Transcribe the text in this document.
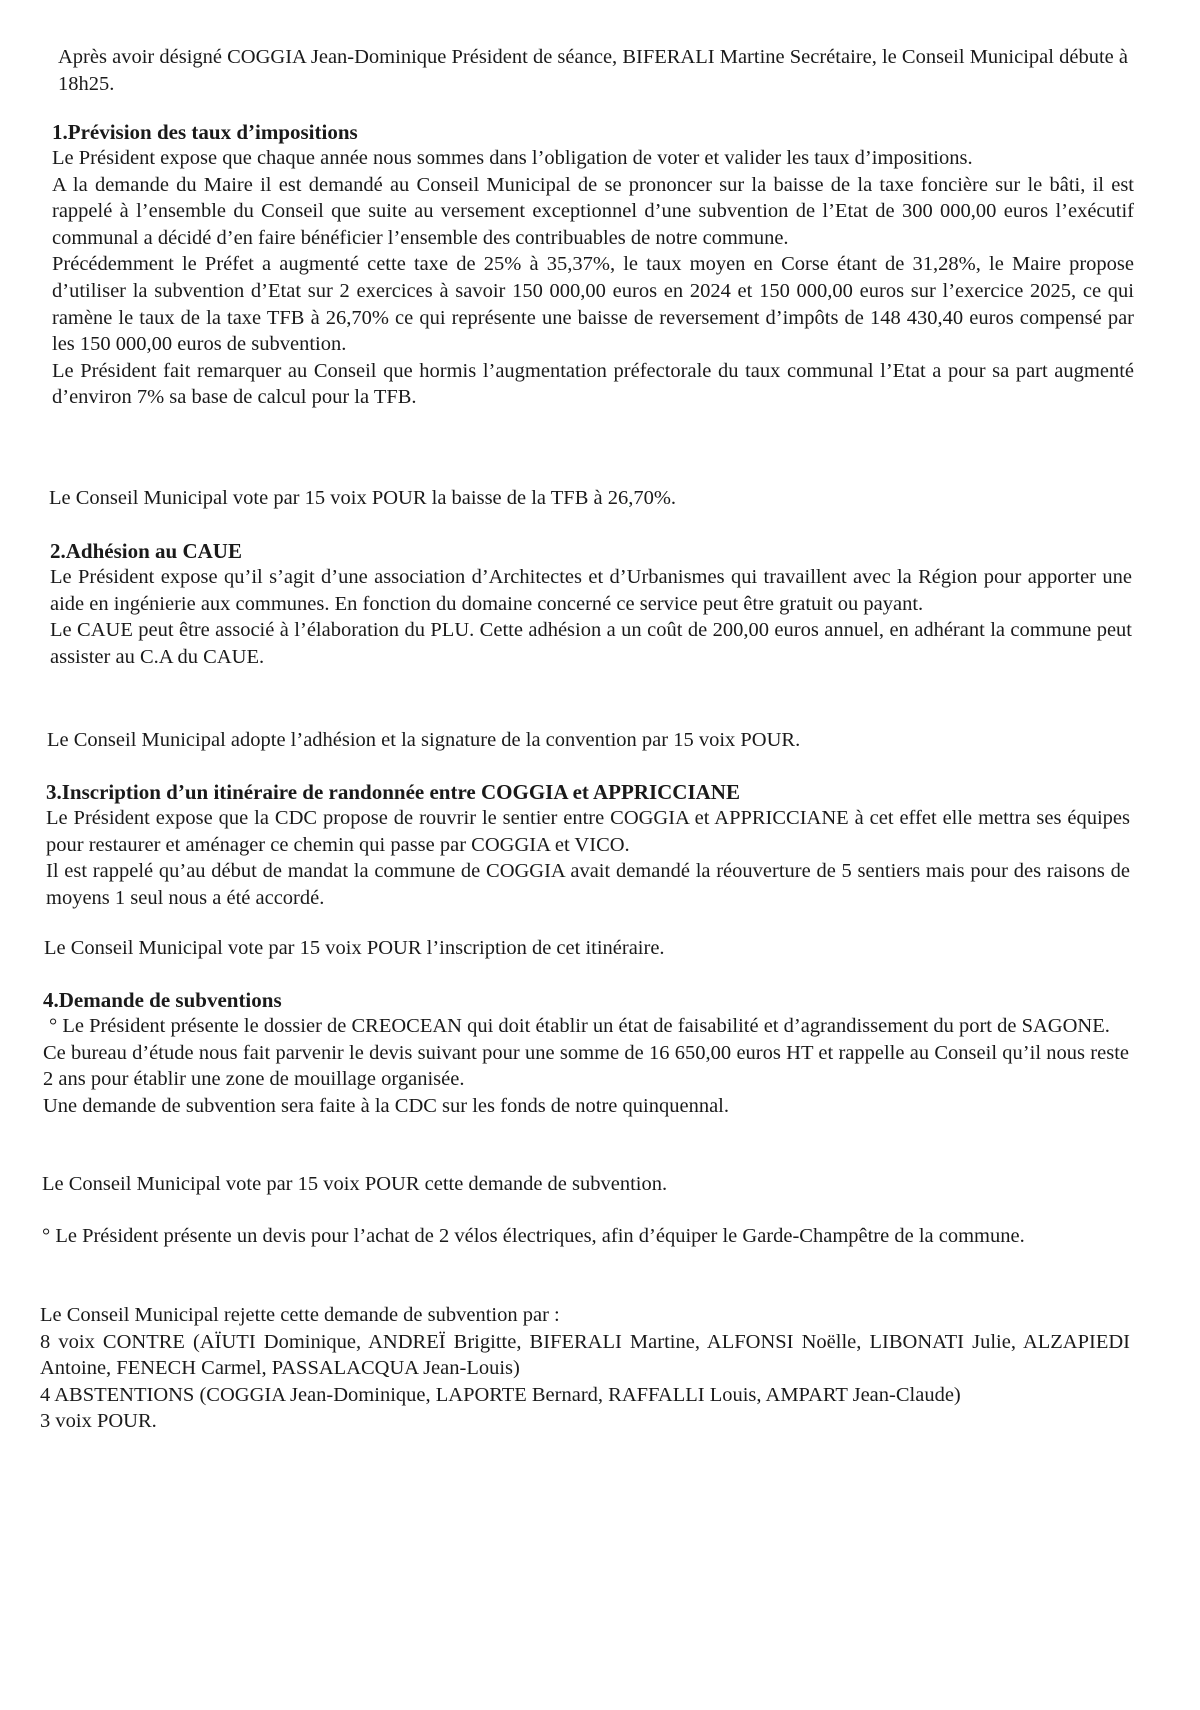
Après avoir désigné COGGIA Jean-Dominique Président de séance, BIFERALI Martine Secrétaire, le Conseil Municipal débute à 18h25.

1.Prévision des taux d’impositions

Le Président expose que chaque année nous sommes dans l’obligation de voter et valider les taux d’impositions.

A la demande du Maire il est demandé au Conseil Municipal de se prononcer sur la baisse de la taxe foncière sur le bâti, il est rappelé à l’ensemble du Conseil que suite au versement exceptionnel d’une subvention de l’Etat de 300 000,00 euros l’exécutif communal a décidé d’en faire bénéficier l’ensemble des contribuables de notre commune.

Précédemment le Préfet a augmenté cette taxe de 25% à 35,37%, le taux moyen en Corse étant de 31,28%, le Maire propose d’utiliser la subvention d’Etat sur 2 exercices à savoir 150 000,00 euros en 2024 et 150 000,00 euros sur l’exercice 2025, ce qui ramène le taux de la taxe TFB à 26,70% ce qui représente une baisse de reversement d’impôts de 148 430,40 euros compensé par les 150 000,00 euros de subvention.

Le Président fait remarquer au Conseil que hormis l’augmentation préfectorale du taux communal l’Etat a pour sa part augmenté d’environ 7% sa base de calcul pour la TFB.

Le Conseil Municipal vote par 15 voix POUR la baisse de la TFB à 26,70%.

2.Adhésion au CAUE

Le Président expose qu’il s’agit d’une association d’Architectes et d’Urbanismes qui travaillent avec la Région pour apporter une aide en ingénierie aux communes. En fonction du domaine concerné ce service peut être gratuit ou payant.

Le CAUE peut être associé à l’élaboration du PLU. Cette adhésion a un coût de 200,00 euros annuel, en adhérant la commune peut assister au C.A du CAUE.

Le Conseil Municipal adopte l’adhésion et la signature de la convention par 15 voix POUR.

3.Inscription d’un itinéraire de randonnée entre COGGIA et APPRICCIANE

Le Président expose que la CDC propose de rouvrir le sentier entre COGGIA et APPRICCIANE à cet effet elle mettra ses équipes pour restaurer et aménager ce chemin qui passe par COGGIA et VICO.

Il est rappelé qu’au début de mandat la commune de COGGIA avait demandé la réouverture de 5 sentiers mais pour des raisons de moyens 1 seul nous a été accordé.

Le Conseil Municipal vote par 15 voix POUR l’inscription de cet itinéraire.

4.Demande de subventions

° Le Président présente le dossier de CREOCEAN qui doit établir un état de faisabilité et d’agrandissement du port de SAGONE.

Ce bureau d’étude nous fait parvenir le devis suivant pour une somme de 16 650,00 euros HT et rappelle au Conseil qu’il nous reste 2 ans pour établir une zone de mouillage organisée.

Une demande de subvention sera faite à la CDC sur les fonds de notre quinquennal.

Le Conseil Municipal vote par 15 voix POUR cette demande de subvention.

° Le Président présente un devis pour l’achat de 2 vélos électriques, afin d’équiper le Garde-Champêtre de la commune.

Le Conseil Municipal rejette cette demande de subvention par :

8 voix CONTRE (AÏUTI Dominique, ANDREÏ Brigitte, BIFERALI Martine, ALFONSI Noëlle, LIBONATI Julie, ALZAPIEDI Antoine, FENECH Carmel, PASSALACQUA Jean-Louis)

4 ABSTENTIONS (COGGIA Jean-Dominique, LAPORTE Bernard, RAFFALLI Louis, AMPART Jean-Claude)

3 voix POUR.
